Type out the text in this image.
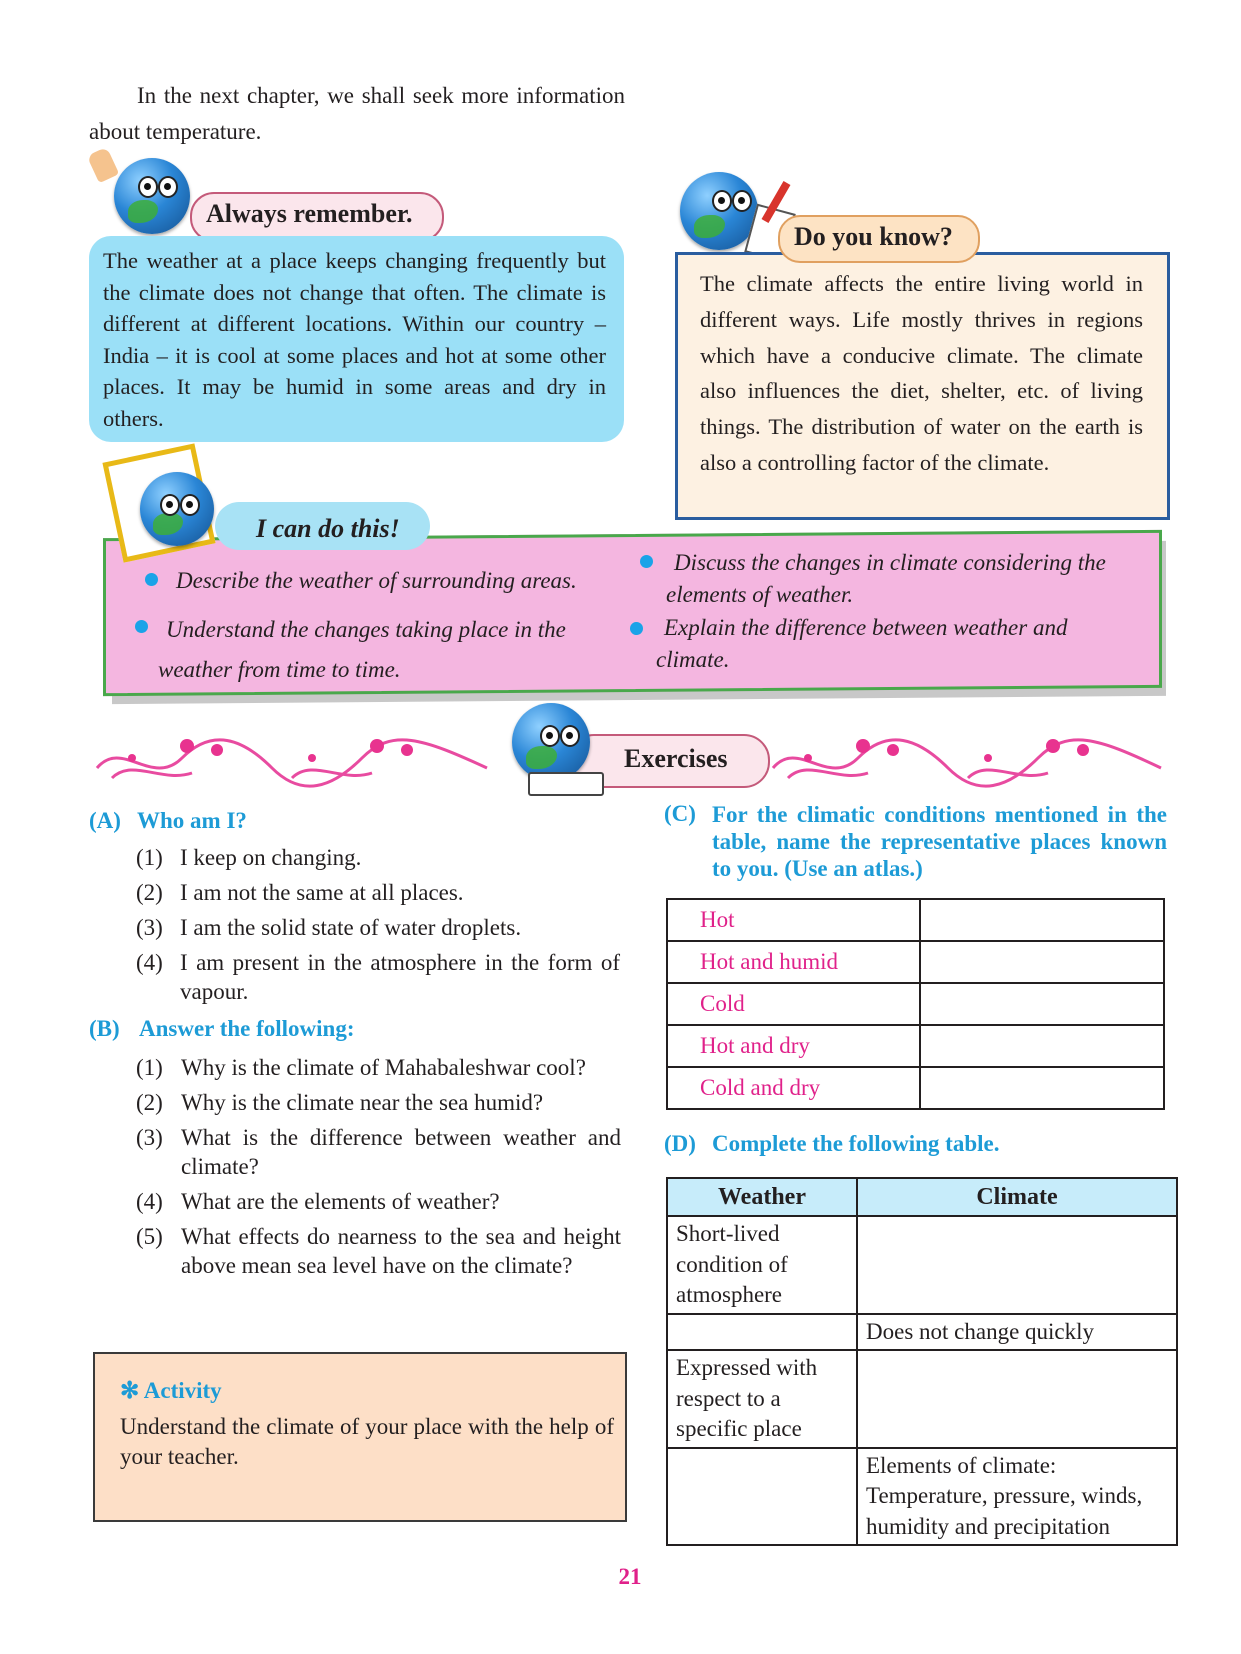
In the next chapter, we shall seek more information about temperature.
Always remember.
The weather at a place keeps changing frequently but the climate does not change that often. The climate is different at different locations. Within our country – India – it is cool at some places and hot at some other places. It may be humid in some areas and dry in others.
Do you know?
The climate affects the entire living world in different ways. Life mostly thrives in regions which have a conducive climate. The climate also influences the diet, shelter, etc. of living things. The distribution of water on the earth is also a controlling factor of the climate.
I can do this!
Describe the weather of surrounding areas.
Understand the changes taking place in the weather from time to time.
Discuss the changes in climate considering the elements of weather.
Explain the difference between weather and climate.
Exercises
(A) Who am I?
(1) I keep on changing.
(2) I am not the same at all places.
(3) I am the solid state of water droplets.
(4) I am present in the atmosphere in the form of vapour.
(B) Answer the following:
(1) Why is the climate of Mahabaleshwar cool?
(2) Why is the climate near the sea humid?
(3) What is the difference between weather and climate?
(4) What are the elements of weather?
(5) What effects do nearness to the sea and height above mean sea level have on the climate?
✻ Activity
Understand the climate of your place with the help of your teacher.
(C) For the climatic conditions mentioned in the table, name the representative places known to you. (Use an atlas.)
Hot	
Hot and humid	
Cold	
Hot and dry	
Cold and dry	
(D) Complete the following table.
Weather	Climate
Short-lived condition of atmosphere	
	Does not change quickly
Expressed with respect to a specific place	
	Elements of climate: Temperature, pressure, winds, humidity and precipitation
21
